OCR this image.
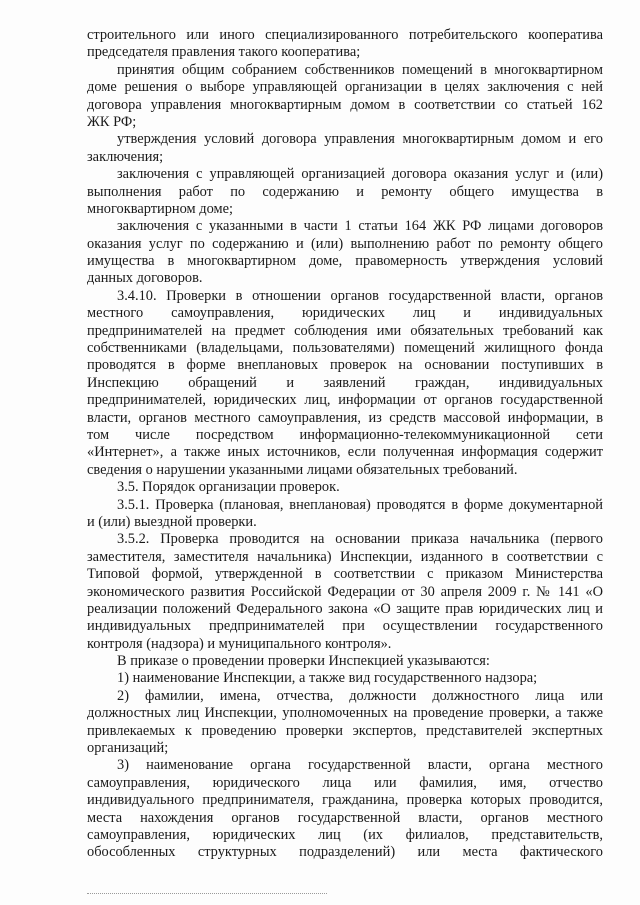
строительного или иного специализированного потребительского кооператива
председателя правления такого кооператива;
принятия общим собранием собственников помещений в многоквартирном
доме решения о выборе управляющей организации в целях заключения с ней
договора управления многоквартирным домом в соответствии со статьей 162
ЖК РФ;
утверждения условий договора управления многоквартирным домом и его
заключения;
заключения с управляющей организацией договора оказания услуг и (или)
выполнения работ по содержанию и ремонту общего имущества в
многоквартирном доме;
заключения с указанными в части 1 статьи 164 ЖК РФ лицами договоров
оказания услуг по содержанию и (или) выполнению работ по ремонту общего
имущества в многоквартирном доме, правомерность утверждения условий
данных договоров.
3.4.10. Проверки в отношении органов государственной власти, органов
местного самоуправления, юридических лиц и индивидуальных
предпринимателей на предмет соблюдения ими обязательных требований как
собственниками (владельцами, пользователями) помещений жилищного фонда
проводятся в форме внеплановых проверок на основании поступивших в
Инспекцию обращений и заявлений граждан, индивидуальных
предпринимателей, юридических лиц, информации от органов государственной
власти, органов местного самоуправления, из средств массовой информации, в
том числе посредством информационно-телекоммуникационной сети
«Интернет», а также иных источников, если полученная информация содержит
сведения о нарушении указанными лицами обязательных требований.
3.5. Порядок организации проверок.
3.5.1. Проверка (плановая, внеплановая) проводятся в форме документарной
и (или) выездной проверки.
3.5.2. Проверка проводится на основании приказа начальника (первого
заместителя, заместителя начальника) Инспекции, изданного в соответствии с
Типовой формой, утвержденной в соответствии с приказом Министерства
экономического развития Российской Федерации от 30 апреля 2009 г. № 141 «О
реализации положений Федерального закона «О защите прав юридических лиц и
индивидуальных предпринимателей при осуществлении государственного
контроля (надзора) и муниципального контроля».
В приказе о проведении проверки Инспекцией указываются:
1) наименование Инспекции, а также вид государственного надзора;
2) фамилии, имена, отчества, должности должностного лица или
должностных лиц Инспекции, уполномоченных на проведение проверки, а также
привлекаемых к проведению проверки экспертов, представителей экспертных
организаций;
3) наименование органа государственной власти, органа местного
самоуправления, юридического лица или фамилия, имя, отчество
индивидуального предпринимателя, гражданина, проверка которых проводится,
места нахождения органов государственной власти, органов местного
самоуправления, юридических лиц (их филиалов, представительств,
обособленных структурных подразделений) или места фактического
